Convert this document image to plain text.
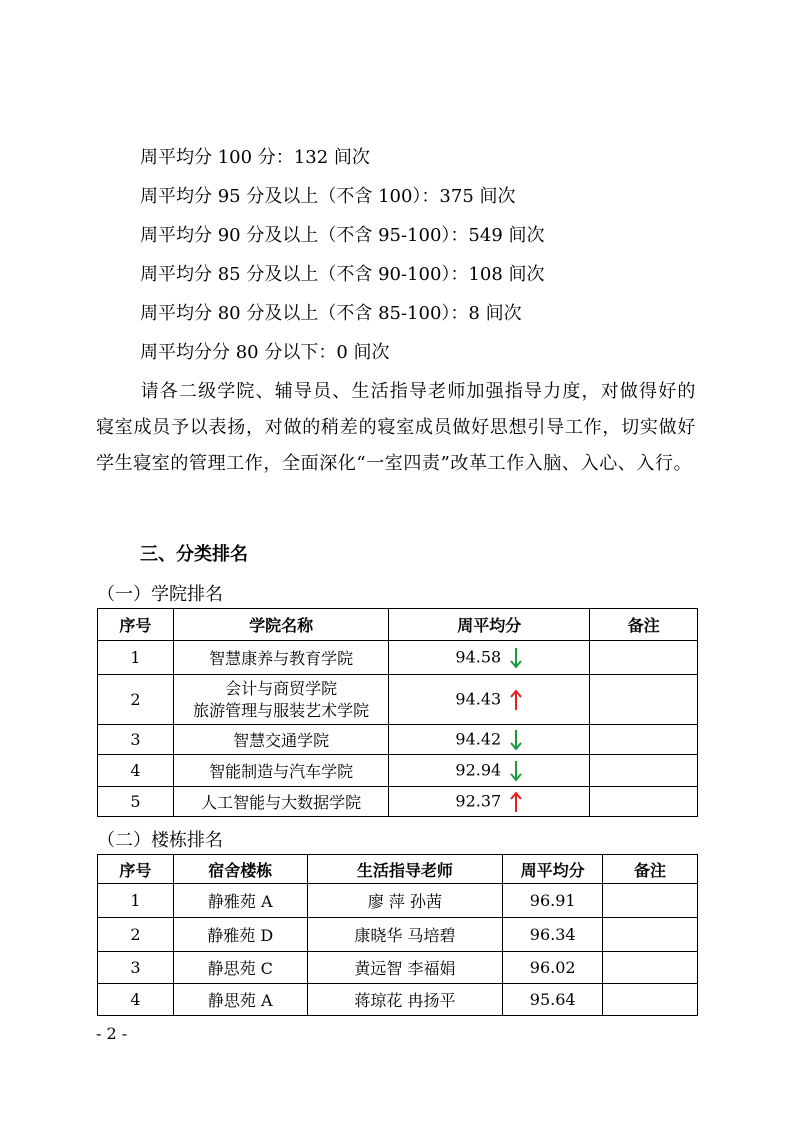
周平均分 100 分：132 间次
周平均分 95 分及以上（不含 100）：375 间次
周平均分 90 分及以上（不含 95-100）：549 间次
周平均分 85 分及以上（不含 90-100）：108 间次
周平均分 80 分及以上（不含 85-100）：8 间次
周平均分分 80 分以下：0 间次
请各二级学院、辅导员、生活指导老师加强指导力度，对做得好的寝室成员予以表扬，对做的稍差的寝室成员做好思想引导工作，切实做好学生寝室的管理工作，全面深化“一室四责”改革工作入脑、入心、入行。
三、分类排名
（一）学院排名
序号	学院名称	周平均分	备注
1	智慧康养与教育学院	94.58	
2	会计与商贸学院
旅游管理与服装艺术学院	94.43	
3	智慧交通学院	94.42	
4	智能制造与汽车学院	92.94	
5	人工智能与大数据学院	92.37	
（二）楼栋排名
序号	宿舍楼栋	生活指导老师	周平均分	备注
1	静雅苑 A	廖 萍 孙茜	96.91	
2	静雅苑 D	康晓华 马培碧	96.34	
3	静思苑 C	黄远智 李福娟	96.02	
4	静思苑 A	蒋琼花 冉扬平	95.64	
- 2 -
